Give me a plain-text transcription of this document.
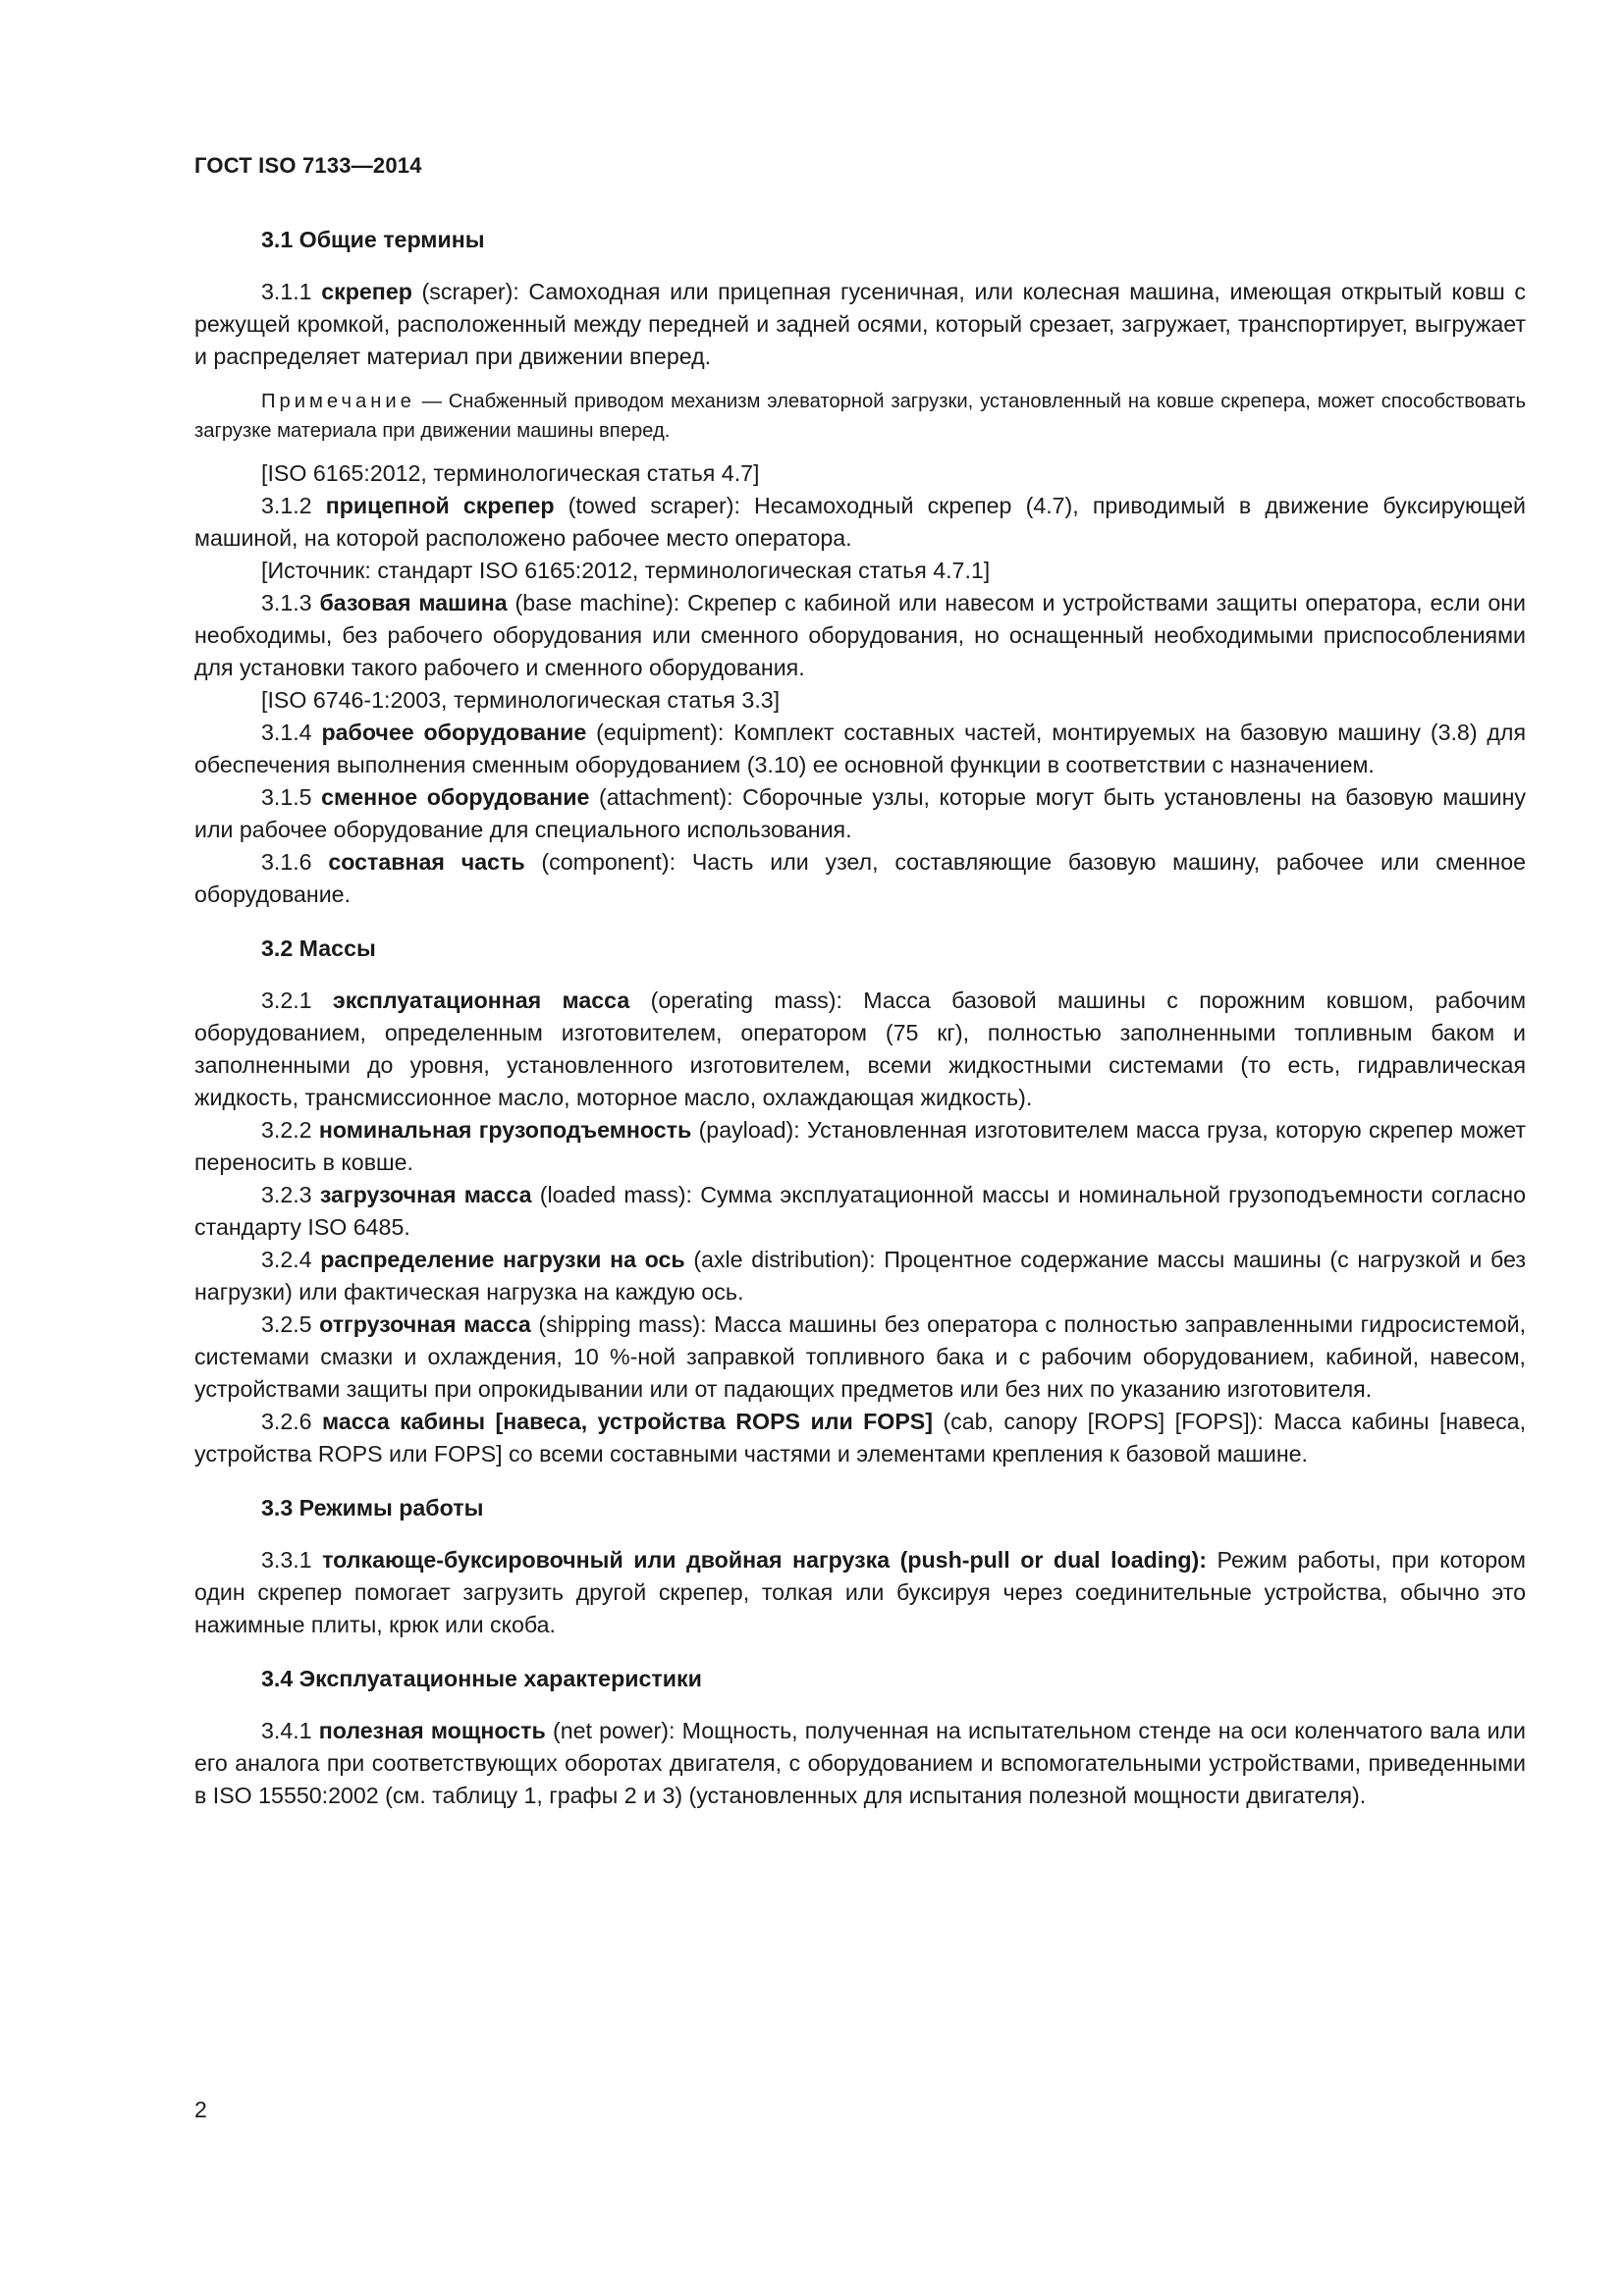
ГОСТ ISO 7133—2014
3.1 Общие термины

3.1.1 скрепер (scraper): Самоходная или прицепная гусеничная, или колесная машина, имеющая открытый ковш с режущей кромкой, расположенный между передней и задней осями, который срезает, загружает, транспортирует, выгружает и распределяет материал при движении вперед.

Примечание — Снабженный приводом механизм элеваторной загрузки, установленный на ковше скрепера, может способствовать загрузке материала при движении машины вперед.

[ISO 6165:2012, терминологическая статья 4.7]

3.1.2 прицепной скрепер (towed scraper): Несамоходный скрепер (4.7), приводимый в движение буксирующей машиной, на которой расположено рабочее место оператора.

[Источник: стандарт ISO 6165:2012, терминологическая статья 4.7.1]

3.1.3 базовая машина (base machine): Скрепер с кабиной или навесом и устройствами защиты оператора, если они необходимы, без рабочего оборудования или сменного оборудования, но оснащенный необходимыми приспособлениями для установки такого рабочего и сменного оборудования.

[ISO 6746-1:2003, терминологическая статья 3.3]

3.1.4 рабочее оборудование (equipment): Комплект составных частей, монтируемых на базовую машину (3.8) для обеспечения выполнения сменным оборудованием (3.10) ее основной функции в соответствии с назначением.

3.1.5 сменное оборудование (attachment): Сборочные узлы, которые могут быть установлены на базовую машину или рабочее оборудование для специального использования.

3.1.6 составная часть (component): Часть или узел, составляющие базовую машину, рабочее или сменное оборудование.

3.2 Массы

3.2.1 эксплуатационная масса (operating mass): Масса базовой машины с порожним ковшом, рабочим оборудованием, определенным изготовителем, оператором (75 кг), полностью заполненными топливным баком и заполненными до уровня, установленного изготовителем, всеми жидкостными системами (то есть, гидравлическая жидкость, трансмиссионное масло, моторное масло, охлаждающая жидкость).

3.2.2 номинальная грузоподъемность (payload): Установленная изготовителем масса груза, которую скрепер может переносить в ковше.

3.2.3 загрузочная масса (loaded mass): Сумма эксплуатационной массы и номинальной грузоподъемности согласно стандарту ISO 6485.

3.2.4 распределение нагрузки на ось (axle distribution): Процентное содержание массы машины (с нагрузкой и без нагрузки) или фактическая нагрузка на каждую ось.

3.2.5 отгрузочная масса (shipping mass): Масса машины без оператора с полностью заправленными гидросистемой, системами смазки и охлаждения, 10 %-ной заправкой топливного бака и с рабочим оборудованием, кабиной, навесом, устройствами защиты при опрокидывании или от падающих предметов или без них по указанию изготовителя.

3.2.6 масса кабины [навеса, устройства ROPS или FOPS] (cab, canopy [ROPS] [FOPS]): Масса кабины [навеса, устройства ROPS или FOPS] со всеми составными частями и элементами крепления к базовой машине.

3.3 Режимы работы

3.3.1 толкающе-буксировочный или двойная нагрузка (push-pull or dual loading): Режим работы, при котором один скрепер помогает загрузить другой скрепер, толкая или буксируя через соединительные устройства, обычно это нажимные плиты, крюк или скоба.

3.4 Эксплуатационные характеристики

3.4.1 полезная мощность (net power): Мощность, полученная на испытательном стенде на оси коленчатого вала или его аналога при соответствующих оборотах двигателя, с оборудованием и вспомогательными устройствами, приведенными в ISO 15550:2002 (см. таблицу 1, графы 2 и 3) (установленных для испытания полезной мощности двигателя).

2
